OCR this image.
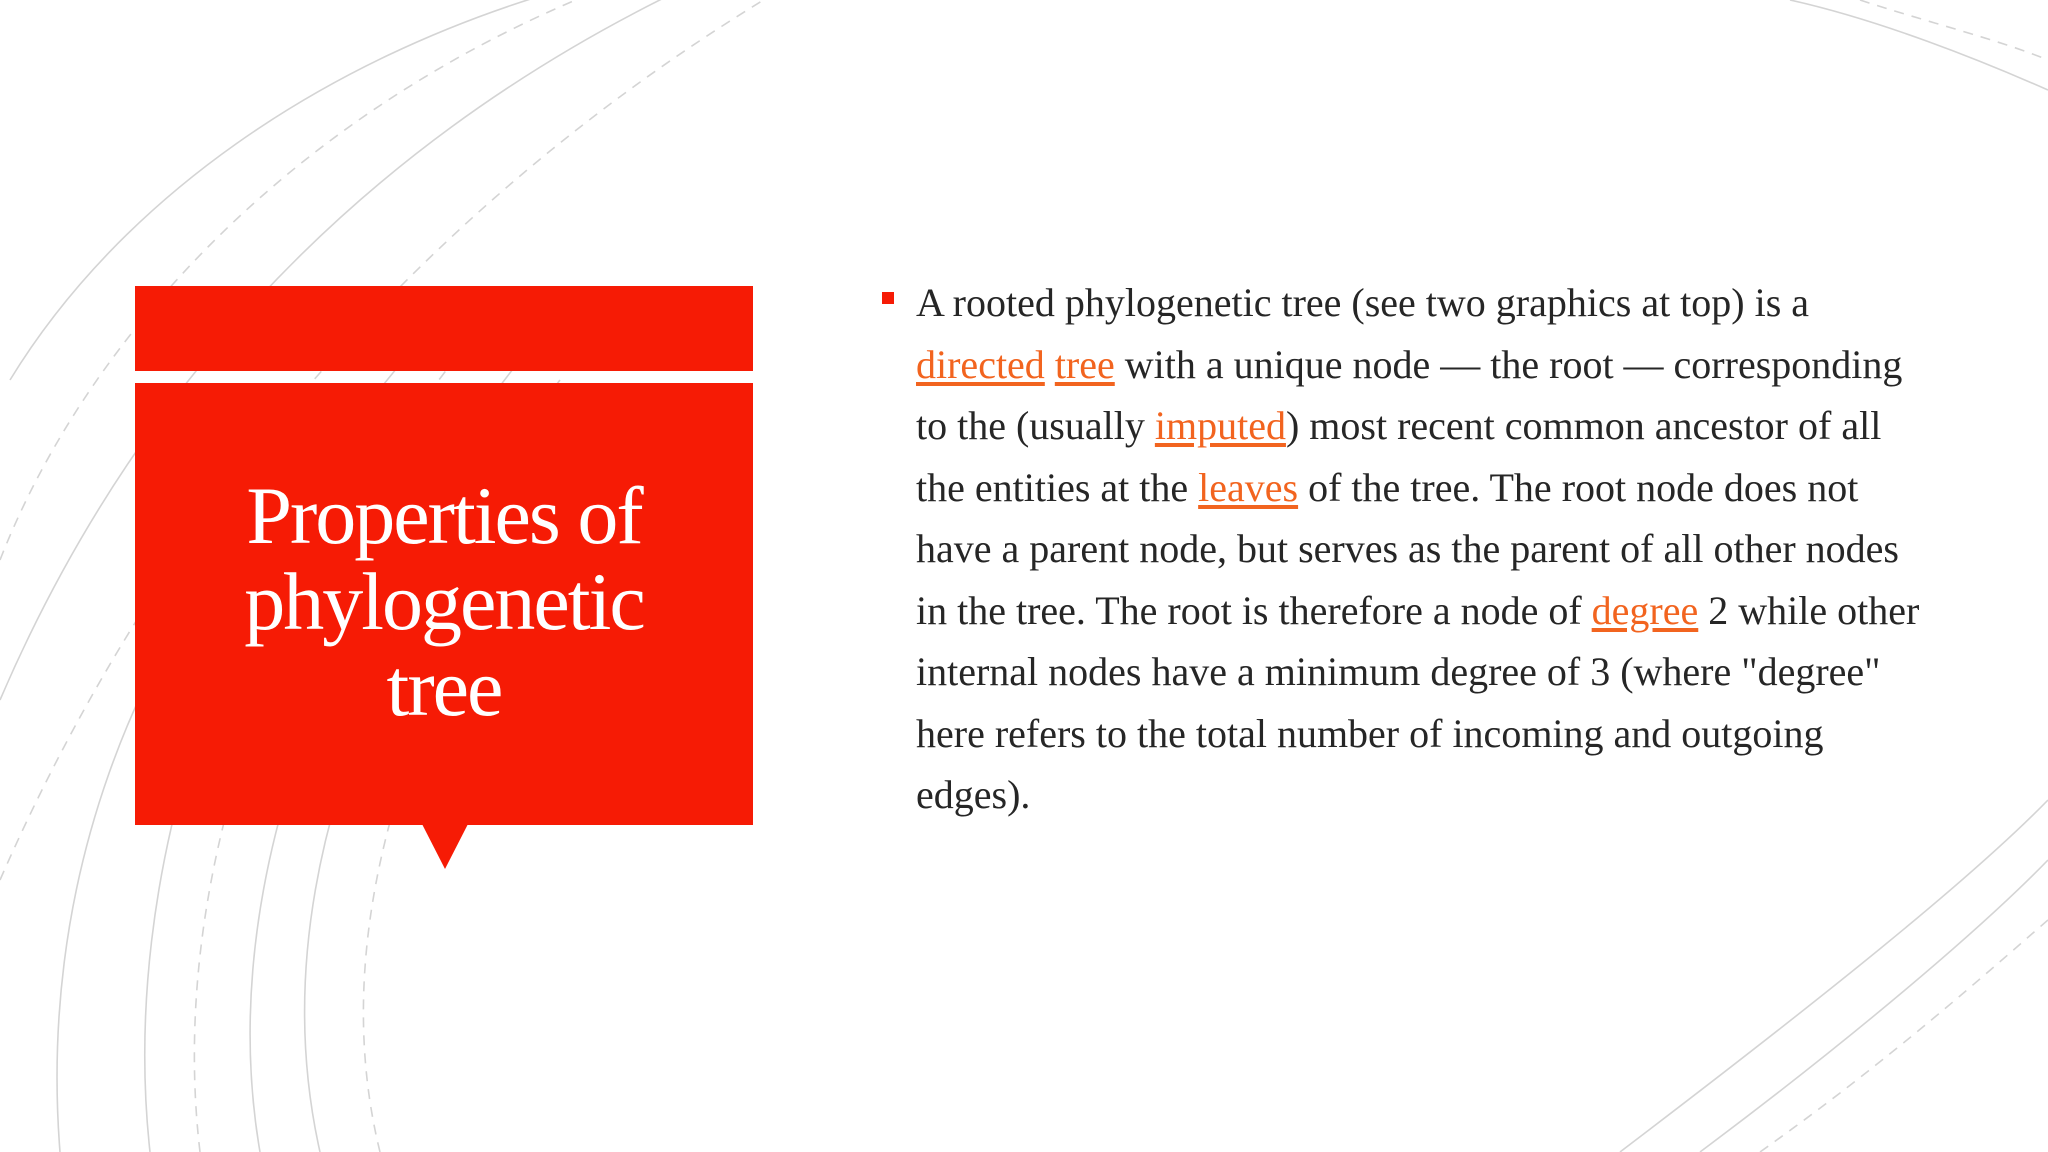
Properties of
phylogenetic
tree

A rooted phylogenetic tree (see two graphics at top) is a directed tree with a unique node — the root — corresponding to the (usually imputed) most recent common ancestor of all the entities at the leaves of the tree. The root node does not have a parent node, but serves as the parent of all other nodes in the tree. The root is therefore a node of degree 2 while other internal nodes have a minimum degree of 3 (where "degree" here refers to the total number of incoming and outgoing edges).
